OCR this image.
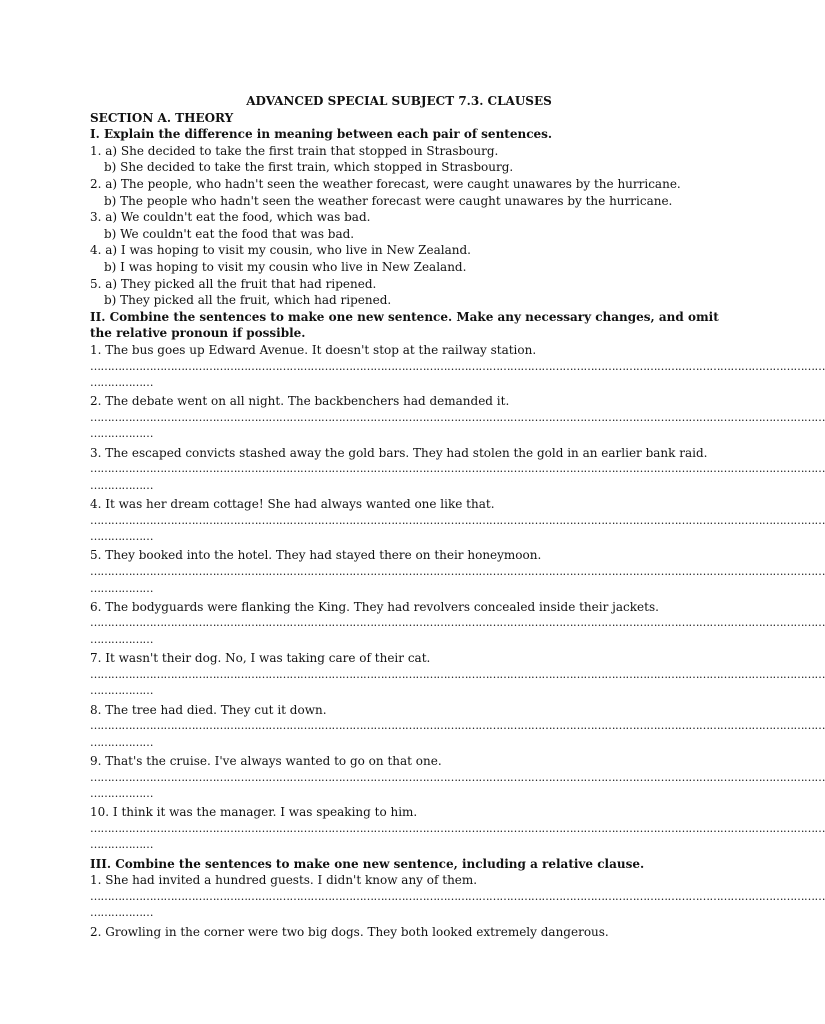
ADVANCED SPECIAL SUBJECT 7.3. CLAUSES
SECTION A. THEORY
I. Explain the difference in meaning between each pair of sentences.
1. a) She decided to take the first train that stopped in Strasbourg.
b) She decided to take the first train, which stopped in Strasbourg.
2. a) The people, who hadn't seen the weather forecast, were caught unawares by the hurricane.
b) The people who hadn't seen the weather forecast were caught unawares by the hurricane.
3. a) We couldn't eat the food, which was bad.
b) We couldn't eat the food that was bad.
4. a) I was hoping to visit my cousin, who live in New Zealand.
b) I was hoping to visit my cousin who live in New Zealand.
5. a) They picked all the fruit that had ripened.
b) They picked all the fruit, which had ripened.
II. Combine the sentences to make one new sentence. Make any necessary changes, and omit
the relative pronoun if possible.
1. The bus goes up Edward Avenue. It doesn't stop at the railway station.
…………………………………………………………………………………………………………………………………………………………………………………………
………………
2. The debate went on all night. The backbenchers had demanded it.
…………………………………………………………………………………………………………………………………………………………………………………………
………………
3. The escaped convicts stashed away the gold bars. They had stolen the gold in an earlier bank raid.
…………………………………………………………………………………………………………………………………………………………………………………………
………………
4. It was her dream cottage! She had always wanted one like that.
…………………………………………………………………………………………………………………………………………………………………………………………
………………
5. They booked into the hotel. They had stayed there on their honeymoon.
…………………………………………………………………………………………………………………………………………………………………………………………
………………
6. The bodyguards were flanking the King. They had revolvers concealed inside their jackets.
…………………………………………………………………………………………………………………………………………………………………………………………
………………
7. It wasn't their dog. No, I was taking care of their cat.
…………………………………………………………………………………………………………………………………………………………………………………………
………………
8. The tree had died. They cut it down.
…………………………………………………………………………………………………………………………………………………………………………………………
………………
9. That's the cruise. I've always wanted to go on that one.
…………………………………………………………………………………………………………………………………………………………………………………………
………………
10. I think it was the manager. I was speaking to him.
…………………………………………………………………………………………………………………………………………………………………………………………
………………
III. Combine the sentences to make one new sentence, including a relative clause.
1. She had invited a hundred guests. I didn't know any of them.
…………………………………………………………………………………………………………………………………………………………………………………………
………………
2. Growling in the corner were two big dogs. They both looked extremely dangerous.
